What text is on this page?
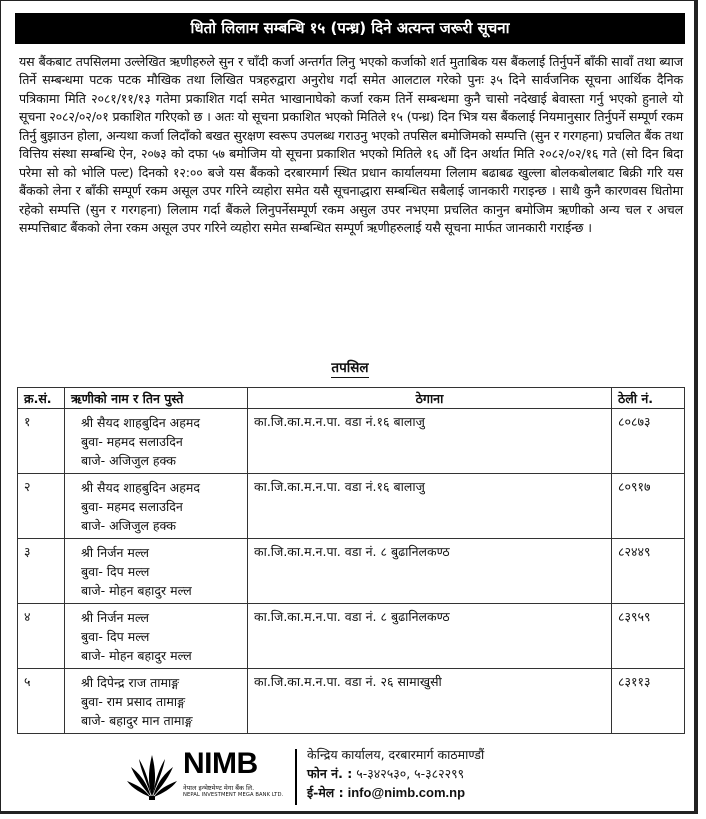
धितो लिलाम सम्बन्धि १५ (पन्ध्र) दिने अत्यन्त जरूरी सूचना
यस बैंकबाट तपसिलमा उल्लेखित ऋणीहरुले सुन र चाँदी कर्जा अन्तर्गत लिनु भएको कर्जाको शर्त मुताबिक यस बैंकलाई तिर्नुपर्ने बाँकी सावाँ तथा ब्याज तिर्ने सम्बन्धमा पटक पटक मौखिक तथा लिखित पत्रहरुद्वारा अनुरोध गर्दा समेत आलटाल गरेको पुनः ३५ दिने सार्वजनिक सूचना आर्थिक दैनिक पत्रिकामा मिति २०८१/११/१३ गतेमा प्रकाशित गर्दा समेत भाखानाघेको कर्जा रकम तिर्ने सम्बन्धमा कुनै चासो नदेखाई बेवास्ता गर्नु भएको हुनाले यो सूचना २०८२/०२/०१ प्रकाशित गरिएको छ । अतः यो सूचना प्रकाशित भएको मितिले १५ (पन्ध्र) दिन भित्र यस बैंकलाई नियमानुसार तिर्नुपर्ने सम्पूर्ण रकम तिर्नु बुझाउन होला, अन्यथा कर्जा लिदाँको बखत सुरक्षण स्वरूप उपलब्ध गराउनु भएको तपसिल बमोजिमको सम्पत्ति (सुन र गरगहना) प्रचलित बैंक तथा वित्तिय संस्था सम्बन्धि ऐन, २०७३ को दफा ५७ बमोजिम यो सूचना प्रकाशित भएको मितिले १६ औं दिन अर्थात मिति २०८२/०२/१६ गते (सो दिन बिदा परेमा सो को भोलि पल्ट) दिनको १२:०० बजे यस बैंकको दरबारमार्ग स्थित प्रधान कार्यालयमा लिलाम बढाबढ खुल्ला बोलकबोलबाट बिक्री गरि यस बैंकको लेना र बाँकी सम्पूर्ण रकम असूल उपर गरिने व्यहोरा समेत यसै सूचनाद्धारा सम्बन्धित सबैलाई जानकारी गराइन्छ । साथै कुनै कारणवस धितोमा रहेको सम्पत्ति (सुन र गरगहना) लिलाम गर्दा बैंकले लिनुपर्नेसम्पूर्ण रकम असुल उपर नभएमा प्रचलित कानुन बमोजिम ऋणीको अन्य चल र अचल सम्पत्तिबाट बैंकको लेना रकम असूल उपर गरिने व्यहोरा समेत सम्बन्धित सम्पूर्ण ऋणीहरुलाई यसै सूचना मार्फत जानकारी गराईन्छ ।
तपसिल
क्र.सं.	ऋणीको नाम र तिन पुस्ते	ठेगाना	ठेली नं.
१	श्री सैयद शाहबुदिन अहमद
बुवा- महमद सलाउदिन
बाजे- अजिजुल हक्क	का.जि.का.म.न.पा. वडा नं.१६ बालाजु	८०८७३
२	श्री सैयद शाहबुदिन अहमद
बुवा- महमद सलाउदिन
बाजे- अजिजुल हक्क	का.जि.का.म.न.पा. वडा नं.१६ बालाजु	८०९१७
३	श्री निर्जन मल्ल
बुवा- दिप मल्ल
बाजे- मोहन बहादुर मल्ल	का.जि.का.म.न.पा. वडा नं. ८ बुढानिलकण्ठ	८२४४९
४	श्री निर्जन मल्ल
बुवा- दिप मल्ल
बाजे- मोहन बहादुर मल्ल	का.जि.का.म.न.पा. वडा नं. ८ बुढानिलकण्ठ	८३९५९
५	श्री दिपेन्द्र राज तामाङ्ग
बुवा- राम प्रसाद तामाङ्ग
बाजे- बहादुर मान तामाङ्ग	का.जि.का.म.न.पा. वडा नं. २६ सामाखुसी	८३११३
NIMB
नेपाल इन्भेष्टमेण्ट मेगा बैंक लि.
NEPAL INVESTMENT MEGA BANK LTD.
केन्द्रिय कार्यालय, दरबारमार्ग काठमाण्डौं
फोन नं. : ५-३४२५३०, ५-३८२२९९
ई-मेल : info@nimb.com.np
